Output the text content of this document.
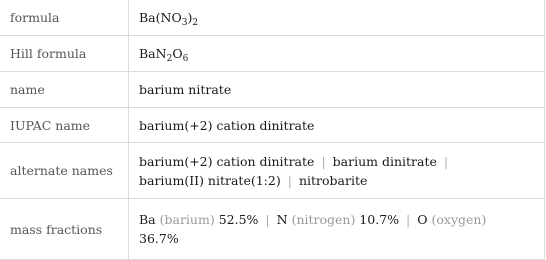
formula	$Ba(NO_3)_2$
Hill formula	$BaN_2O_6$
name	barium nitrate
IUPAC name	barium(+2) cation dinitrate
alternate names	barium(+2) cation dinitrate | barium dinitrate |
barium(II) nitrate(1:2) | nitrobarite
mass fractions	Ba (barium) 52.5% | N (nitrogen) 10.7% | O (oxygen)
36.7%
